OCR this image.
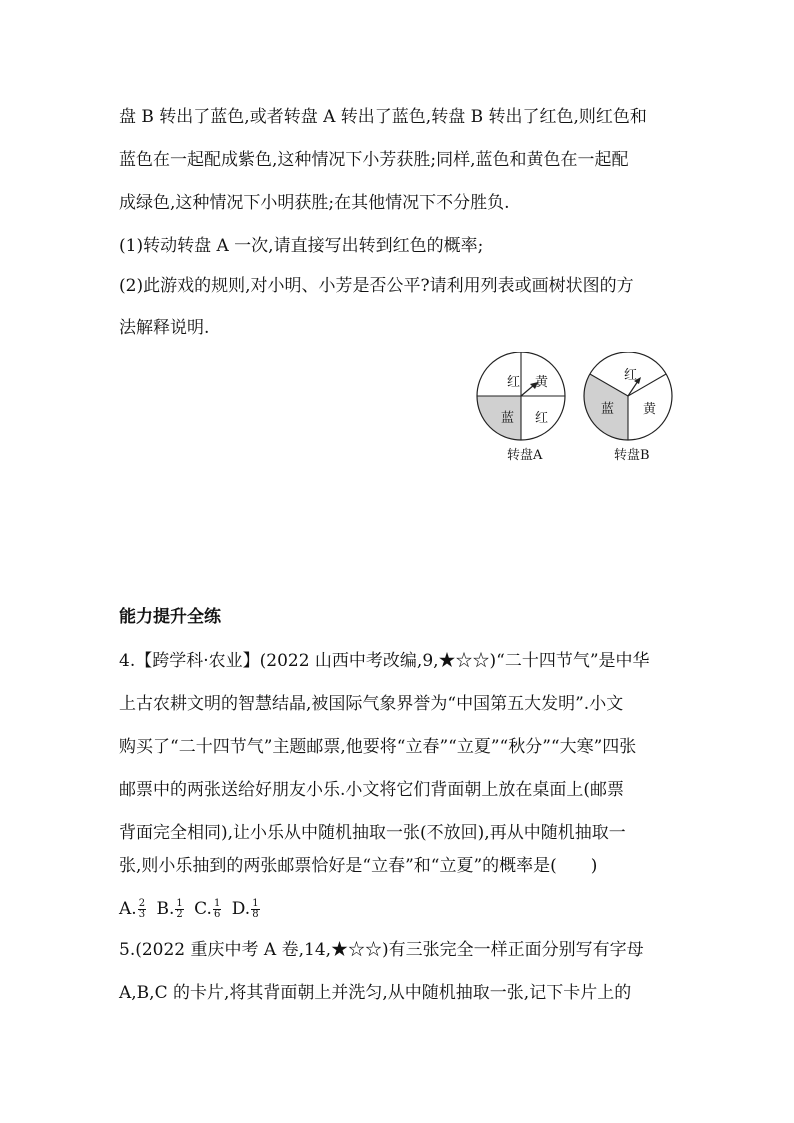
盘 B 转出了蓝色,或者转盘 A 转出了蓝色,转盘 B 转出了红色,则红色和
蓝色在一起配成紫色,这种情况下小芳获胜;同样,蓝色和黄色在一起配
成绿色,这种情况下小明获胜;在其他情况下不分胜负.
(1)转动转盘 A 一次,请直接写出转到红色的概率;
(2)此游戏的规则,对小明、小芳是否公平?请利用列表或画树状图的方
法解释说明.
红 黄
蓝 红
红
黄
蓝
转盘A	转盘B
能力提升全练
4.【跨学科·农业】(2022 山西中考改编,9,★☆☆)“二十四节气”是中华
上古农耕文明的智慧结晶,被国际气象界誉为“中国第五大发明”.小文
购买了“二十四节气”主题邮票,他要将“立春”“立夏”“秋分”“大寒”四张
邮票中的两张送给好朋友小乐.小文将它们背面朝上放在桌面上(邮票
背面完全相同),让小乐从中随机抽取一张(不放回),再从中随机抽取一
张,则小乐抽到的两张邮票恰好是“立春”和“立夏”的概率是(　　)
A. $\frac{2}{3} B$. $\frac{1}{2} C$. $\frac{1}{6} D$. $\frac{1}{8}$
5.(2022 重庆中考 A 卷,14,★☆☆)有三张完全一样正面分别写有字母
A,B,C 的卡片,将其背面朝上并洗匀,从中随机抽取一张,记下卡片上的
